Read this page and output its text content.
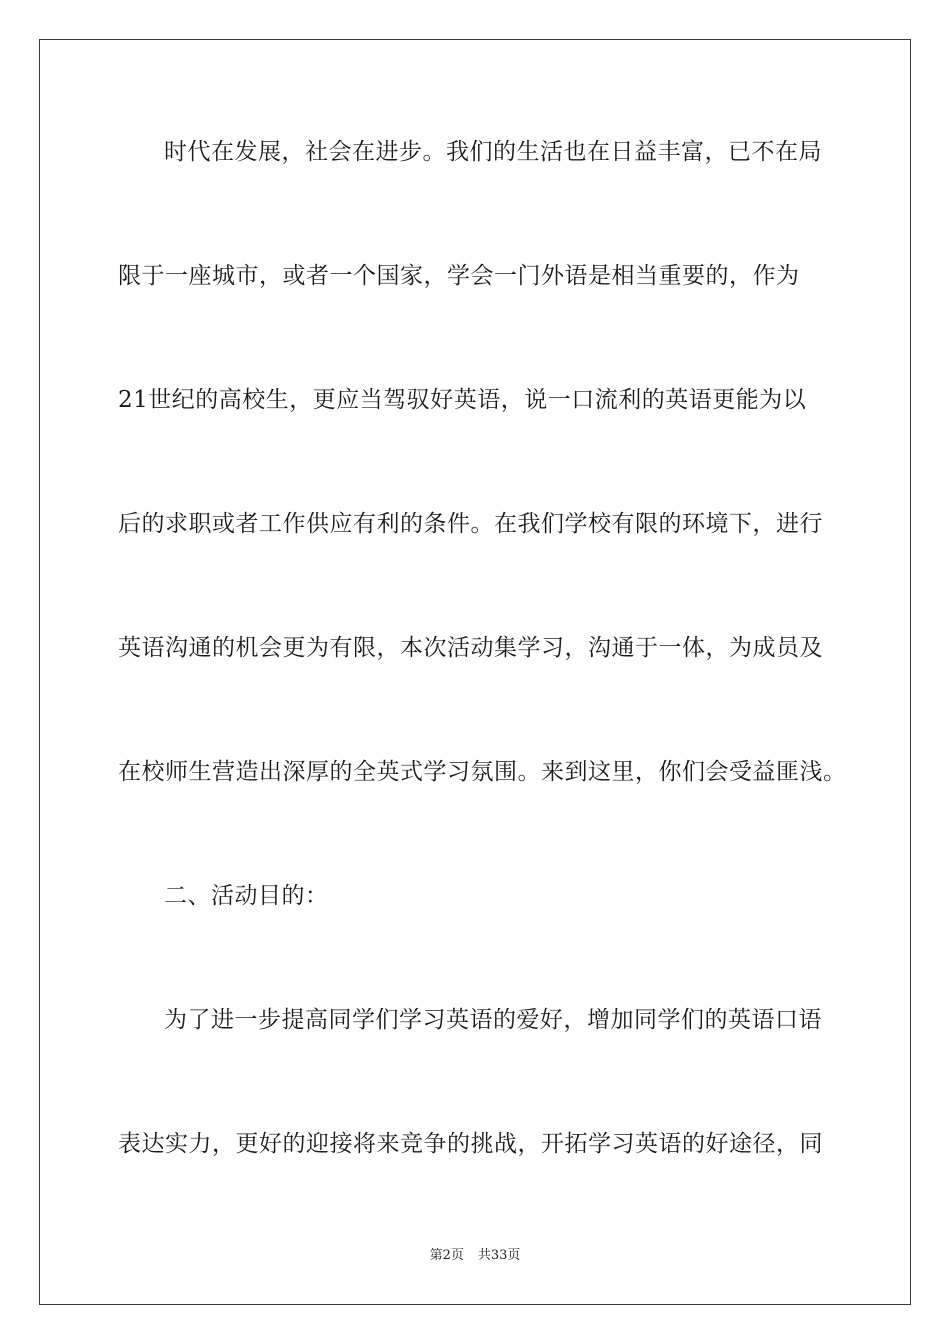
时代在发展，社会在进步。我们的生活也在日益丰富，已不在局
限于一座城市，或者一个国家，学会一门外语是相当重要的，作为
21世纪的高校生，更应当驾驭好英语，说一口流利的英语更能为以
后的求职或者工作供应有利的条件。在我们学校有限的环境下，进行
英语沟通的机会更为有限，本次活动集学习，沟通于一体，为成员及
在校师生营造出深厚的全英式学习氛围。来到这里，你们会受益匪浅。
二、活动目的：
为了进一步提高同学们学习英语的爱好，增加同学们的英语口语
表达实力，更好的迎接将来竞争的挑战，开拓学习英语的好途径，同
第2页 共33页
